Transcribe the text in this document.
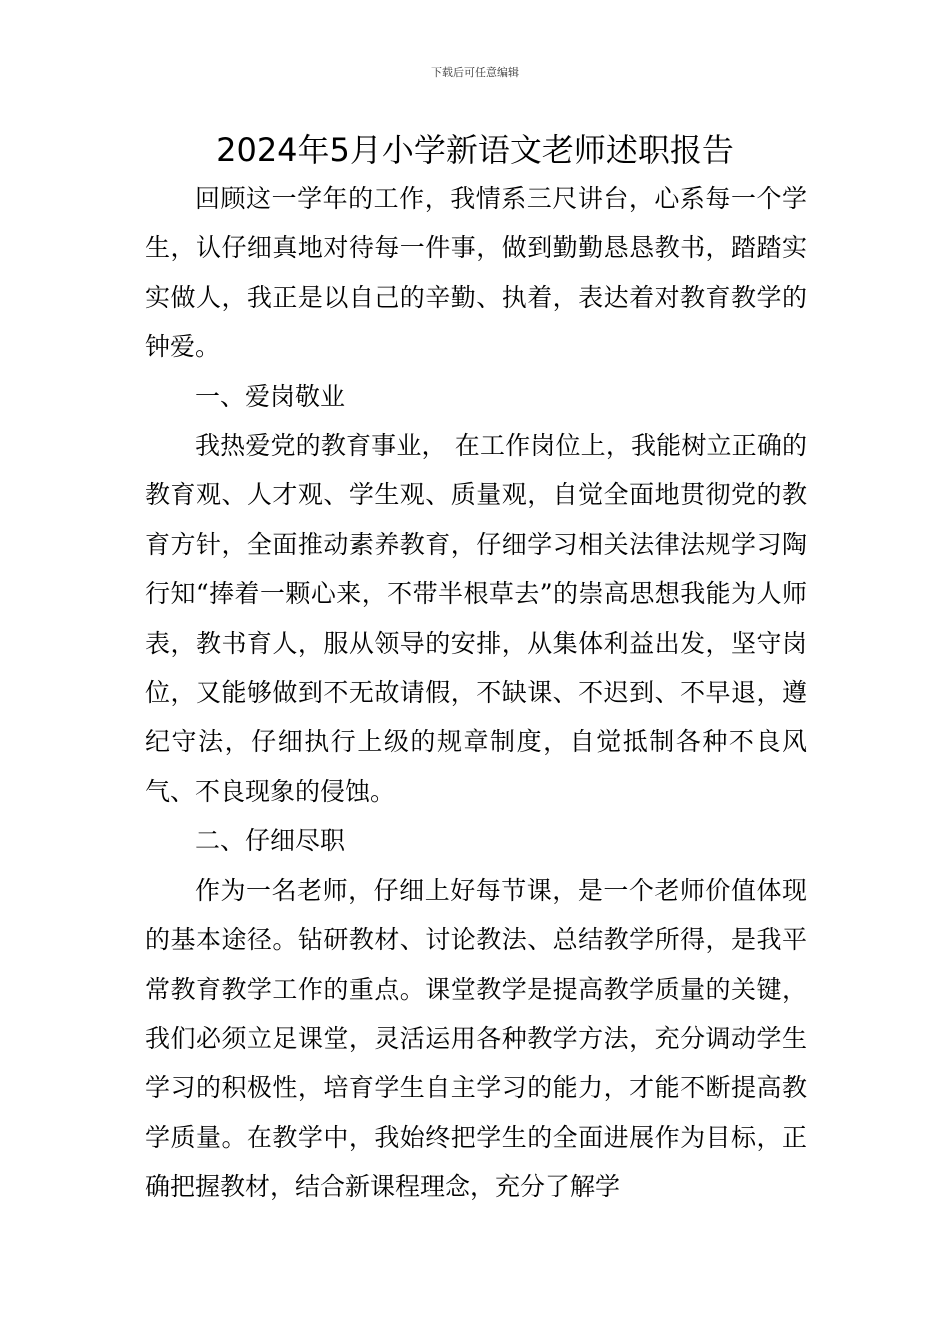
下载后可任意编辑
2024年5月小学新语文老师述职报告

回顾这一学年的工作，我情系三尺讲台，心系每一个学生，认仔细真地对待每一件事，做到勤勤恳恳教书，踏踏实实做人，我正是以自己的辛勤、执着，表达着对教育教学的钟爱。

一、爱岗敬业

我热爱党的教育事业， 在工作岗位上，我能树立正确的教育观、人才观、学生观、质量观，自觉全面地贯彻党的教育方针，全面推动素养教育，仔细学习相关法律法规学习陶行知“捧着一颗心来，不带半根草去”的崇高思想我能为人师表，教书育人，服从领导的安排，从集体利益出发，坚守岗位，又能够做到不无故请假，不缺课、不迟到、不早退，遵纪守法，仔细执行上级的规章制度，自觉抵制各种不良风气、不良现象的侵蚀。

二、仔细尽职

作为一名老师，仔细上好每节课，是一个老师价值体现的基本途径。钻研教材、讨论教法、总结教学所得，是我平常教育教学工作的重点。课堂教学是提高教学质量的关键，我们必须立足课堂，灵活运用各种教学方法，充分调动学生学习的积极性，培育学生自主学习的能力，才能不断提高教学质量。在教学中，我始终把学生的全面进展作为目标，正确把握教材，结合新课程理念，充分了解学
